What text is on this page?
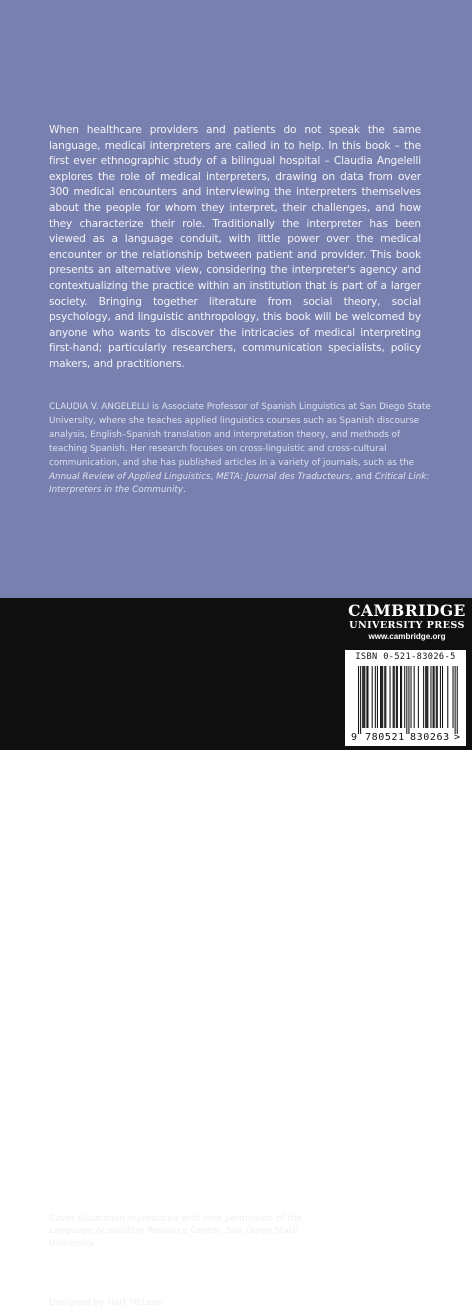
When healthcare providers and patients do not speak the same language, medical interpreters are called in to help. In this book – the first ever ethnographic study of a bilingual hospital – Claudia Angelelli explores the role of medical interpreters, drawing on data from over 300 medical encounters and interviewing the interpreters themselves about the people for whom they interpret, their challenges, and how they characterize their role. Traditionally the interpreter has been viewed as a language conduit, with little power over the medical encounter or the relationship between patient and provider. This book presents an alternative view, considering the interpreter's agency and contextualizing the practice within an institution that is part of a larger society. Bringing together literature from social theory, social psychology, and linguistic anthropology, this book will be welcomed by anyone who wants to discover the intricacies of medical interpreting first-hand; particularly researchers, communication specialists, policy makers, and practitioners.

CLAUDIA V. ANGELELLI is Associate Professor of Spanish Linguistics at San Diego State University, where she teaches applied linguistics courses such as Spanish discourse analysis, English–Spanish translation and interpretation theory, and methods of teaching Spanish. Her research focuses on cross-linguistic and cross-cultural communication, and she has published articles in a variety of journals, such as the Annual Review of Applied Linguistics, META: Journal des Traducteurs, and Critical Link: Interpreters in the Community.

Cover illustration reproduced with kind permission of the Language Acquisition Resource Center, San Diego State University.

Designed by Hart McLeod

CAMBRIDGE
UNIVERSITY PRESS
www.cambridge.org
ISBN 0-521-83026-5
9 780521 830263 >
